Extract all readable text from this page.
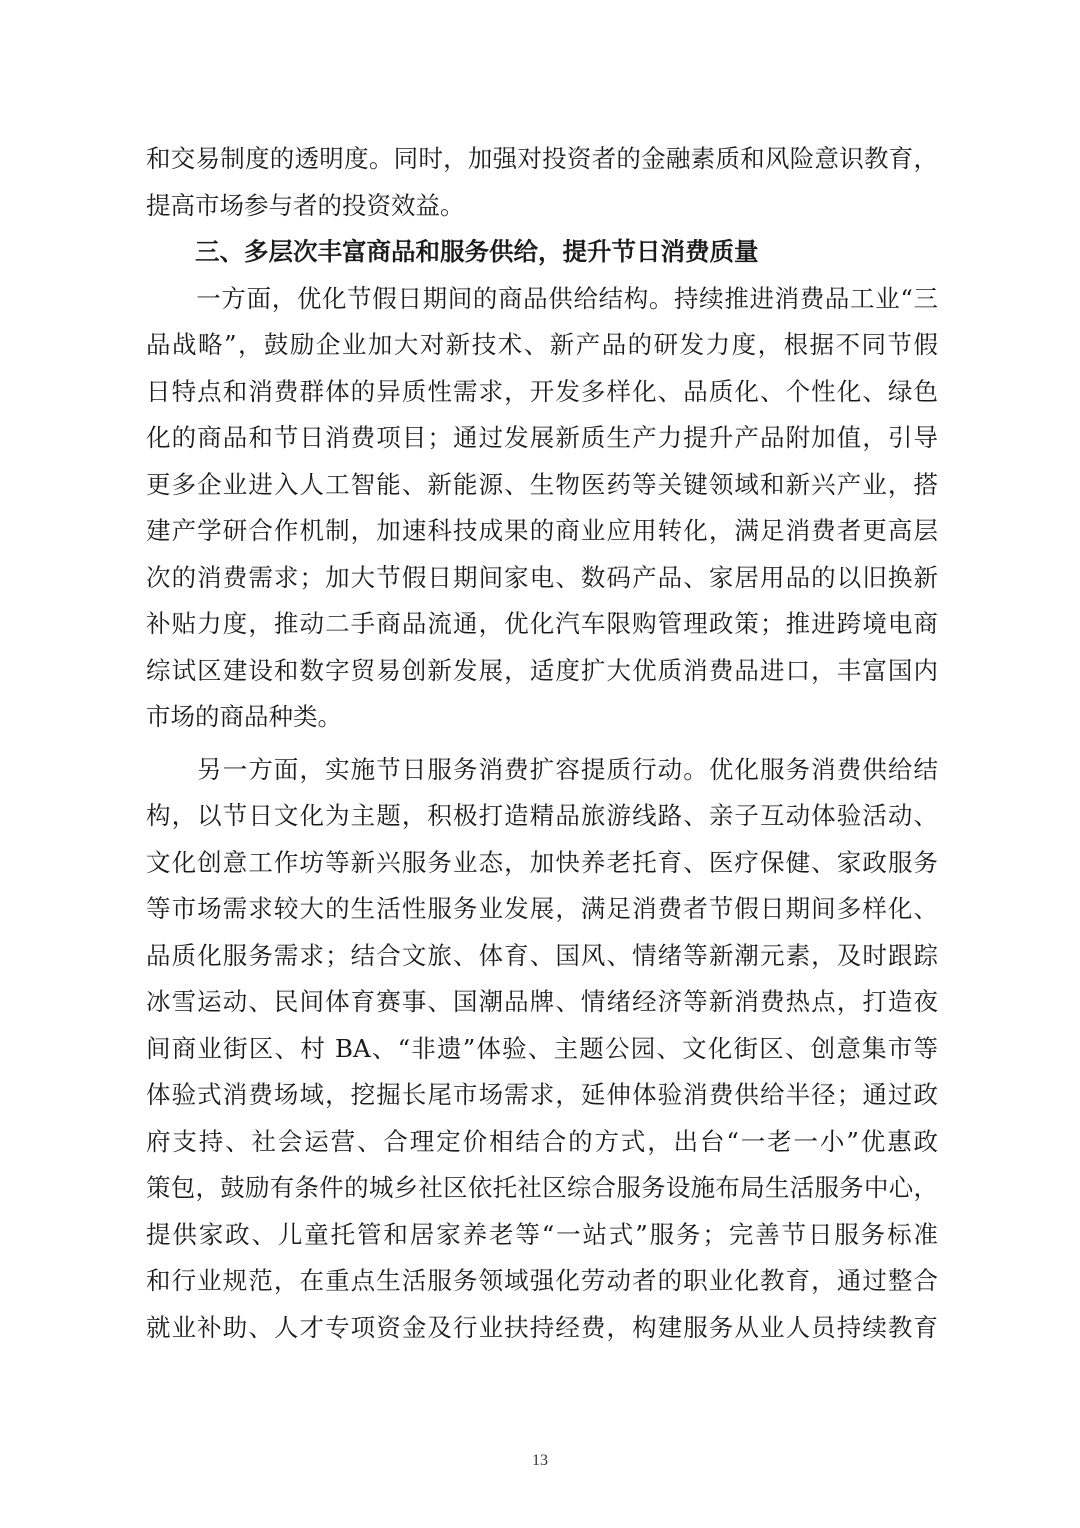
和交易制度的透明度。同时，加强对投资者的金融素质和风险意识教育，
提高市场参与者的投资效益。
三、多层次丰富商品和服务供给，提升节日消费质量
　　一方面，优化节假日期间的商品供给结构。持续推进消费品工业“三
品战略”，鼓励企业加大对新技术、新产品的研发力度，根据不同节假
日特点和消费群体的异质性需求，开发多样化、品质化、个性化、绿色
化的商品和节日消费项目；通过发展新质生产力提升产品附加值，引导
更多企业进入人工智能、新能源、生物医药等关键领域和新兴产业，搭
建产学研合作机制，加速科技成果的商业应用转化，满足消费者更高层
次的消费需求；加大节假日期间家电、数码产品、家居用品的以旧换新
补贴力度，推动二手商品流通，优化汽车限购管理政策；推进跨境电商
综试区建设和数字贸易创新发展，适度扩大优质消费品进口，丰富国内
市场的商品种类。
　　另一方面，实施节日服务消费扩容提质行动。优化服务消费供给结
构，以节日文化为主题，积极打造精品旅游线路、亲子互动体验活动、
文化创意工作坊等新兴服务业态，加快养老托育、医疗保健、家政服务
等市场需求较大的生活性服务业发展，满足消费者节假日期间多样化、
品质化服务需求；结合文旅、体育、国风、情绪等新潮元素，及时跟踪
冰雪运动、民间体育赛事、国潮品牌、情绪经济等新消费热点，打造夜
间商业街区、村 BA、“非遗”体验、主题公园、文化街区、创意集市等
体验式消费场域，挖掘长尾市场需求，延伸体验消费供给半径；通过政
府支持、社会运营、合理定价相结合的方式，出台“一老一小”优惠政
策包，鼓励有条件的城乡社区依托社区综合服务设施布局生活服务中心，
提供家政、儿童托管和居家养老等“一站式”服务；完善节日服务标准
和行业规范，在重点生活服务领域强化劳动者的职业化教育，通过整合
就业补助、人才专项资金及行业扶持经费，构建服务从业人员持续教育
13
